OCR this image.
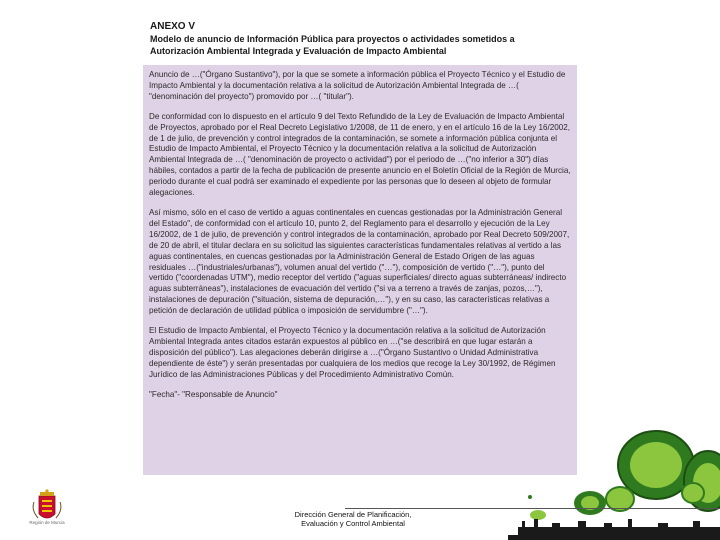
Región de Murcia
ANEXO V
Modelo de anuncio de Información Pública para proyectos o actividades sometidos a Autorización Ambiental Integrada y Evaluación de Impacto Ambiental

Anuncio de …("Órgano Sustantivo"), por la que se somete a información pública el Proyecto Técnico y el Estudio de Impacto Ambiental y la documentación relativa a la solicitud de Autorización Ambiental Integrada de …( "denominación del proyecto") promovido por …( "titular").

De conformidad con lo dispuesto en el artículo 9 del Texto Refundido de la Ley de Evaluación de Impacto Ambiental de Proyectos, aprobado por el Real Decreto Legislativo 1/2008, de 11 de enero, y en el artículo 16 de la Ley 16/2002, de 1 de julio, de prevención y control integrados de la contaminación, se somete a información pública conjunta el Estudio de Impacto Ambiental, el Proyecto Técnico y la documentación relativa a la solicitud de Autorización Ambiental Integrada de …( "denominación de proyecto o actividad") por el periodo de …("no inferior a 30") días hábiles, contados a partir de la fecha de publicación de presente anuncio en el Boletín Oficial de la Región de Murcia, periodo durante el cual podrá ser examinado el expediente por las personas que lo deseen al objeto de formular alegaciones.

Así mismo, sólo en el caso de vertido a aguas continentales en cuencas gestionadas por la Administración General del Estado", de conformidad con el artículo 10, punto 2, del Reglamento para el desarrollo y ejecución de la Ley 16/2002, de 1 de julio, de prevención y control integrados de la contaminación, aprobado por Real Decreto 509/2007, de 20 de abril, el titular declara en su solicitud las siguientes características fundamentales relativas al vertido a las aguas continentales, en cuencas gestionadas por la Administración General de Estado Origen de las aguas residuales …("industriales/urbanas"), volumen anual del vertido ("…"), composición de vertido ("…"), punto del vertido ("coordenadas UTM"), medio receptor del vertido ("aguas superficiales/ directo aguas subterráneas/ indirecto aguas subterráneas"), instalaciones de evacuación del vertido ("si va a terreno a través de zanjas, pozos,…"), instalaciones de depuración ("situación, sistema de depuración,…"), y en su caso, las características relativas a petición de declaración de utilidad pública o imposición de servidumbre ("…").

El Estudio de Impacto Ambiental, el Proyecto Técnico y la documentación relativa a la solicitud de Autorización Ambiental Integrada antes citados estarán expuestos al público en …("se describirá en que lugar estarán a disposición del público"). Las alegaciones deberán dirigirse a …("Órgano Sustantivo o Unidad Administrativa dependiente de éste") y serán presentadas por cualquiera de los medios que recoge la Ley 30/1992, de Régimen Jurídico de las Administraciones Públicas y del Procedimiento Administrativo Común.

"Fecha"- "Responsable de Anuncio"

Dirección General de Planificación,
Evaluación y Control Ambiental
